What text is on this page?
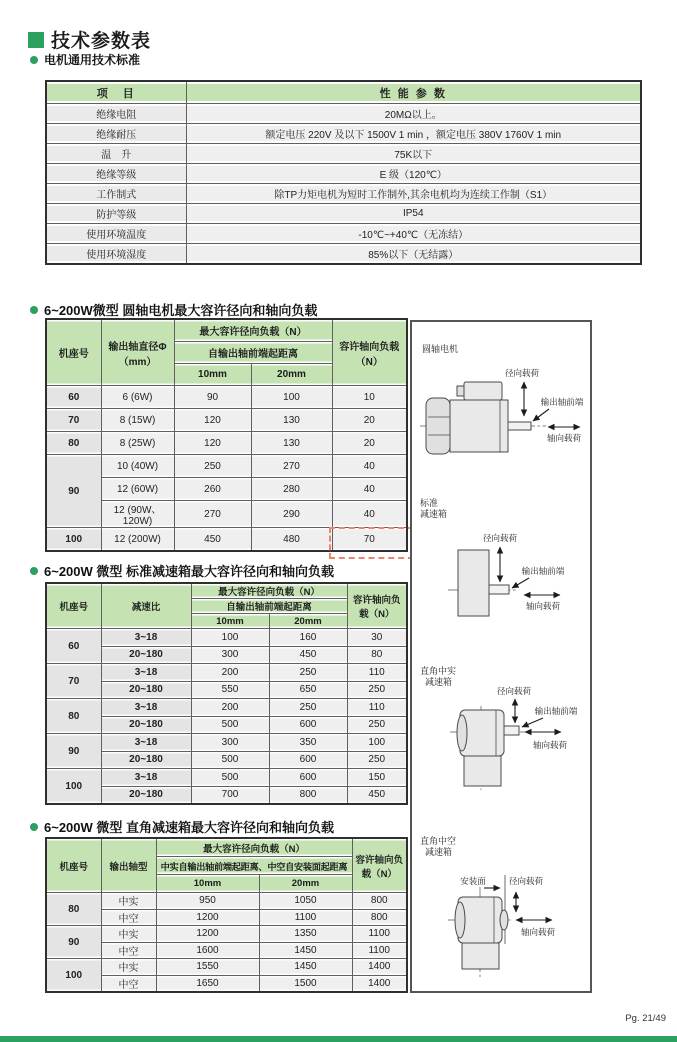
技术参数表
电机通用技术标准
项　目	性 能 参 数
绝缘电阻	20MΩ以上。
绝缘耐压	额定电压 220V 及以下 1500V 1 min ，额定电压 380V 1760V 1 min
温　升	75K以下
绝缘等级	E 级（120℃）
工作制式	除TP力矩电机为短时工作制外,其余电机均为连续工作制（S1）
防护等级	IP54
使用环境温度	-10℃~+40℃（无冻结）
使用环境湿度	85%以下（无结露）
6~200W微型 圆轴电机最大容许径向和轴向负载
机座号	输出轴直径Φ（mm）	最大容许径向负载（N）		容许轴向负载（N）
		自输出轴前端起距离		
		10mm	20mm	
60	6 (6W)	90	100	10
70	8 (15W)	120	130	20
80	8 (25W)	120	130	20
90	10 (40W)	250	270	40
	12 (60W)	260	280	40
	12 (90W、120W)	270	290	40
100	12 (200W)	450	480	70
6~200W 微型 标准减速箱最大容许径向和轴向负载
机座号	减速比	最大容许径向负载（N）		容许轴向负载（N）
		自输出轴前端起距离		
		10mm	20mm	
60	3~18	100	160	30
	20~180	300	450	80
70	3~18	200	250	110
	20~180	550	650	250
80	3~18	200	250	110
	20~180	500	600	250
90	3~18	300	350	100
	20~180	500	600	250
100	3~18	500	600	150
	20~180	700	800	450
6~200W 微型 直角减速箱最大容许径向和轴向负载
机座号	输出轴型	最大容许径向负载（N）		容许轴向负载（N）
		中实自输出轴前端起距离、中空自安装面起距离		
		10mm	20mm	
80	中实	950	1050	800
	中空	1200	1100	800
90	中实	1200	1350	1100
	中空	1600	1450	1100
100	中实	1550	1450	1400
	中空	1650	1500	1400
圆轴电机
径向载荷
输出轴前端
轴向载荷
标准
减速箱
径向载荷
输出轴前端
轴向载荷
直角中实
减速箱
径向载荷
输出轴前端
轴向载荷
直角中空
减速箱
安装面	径向载荷
轴向载荷
Pg. 21/49
